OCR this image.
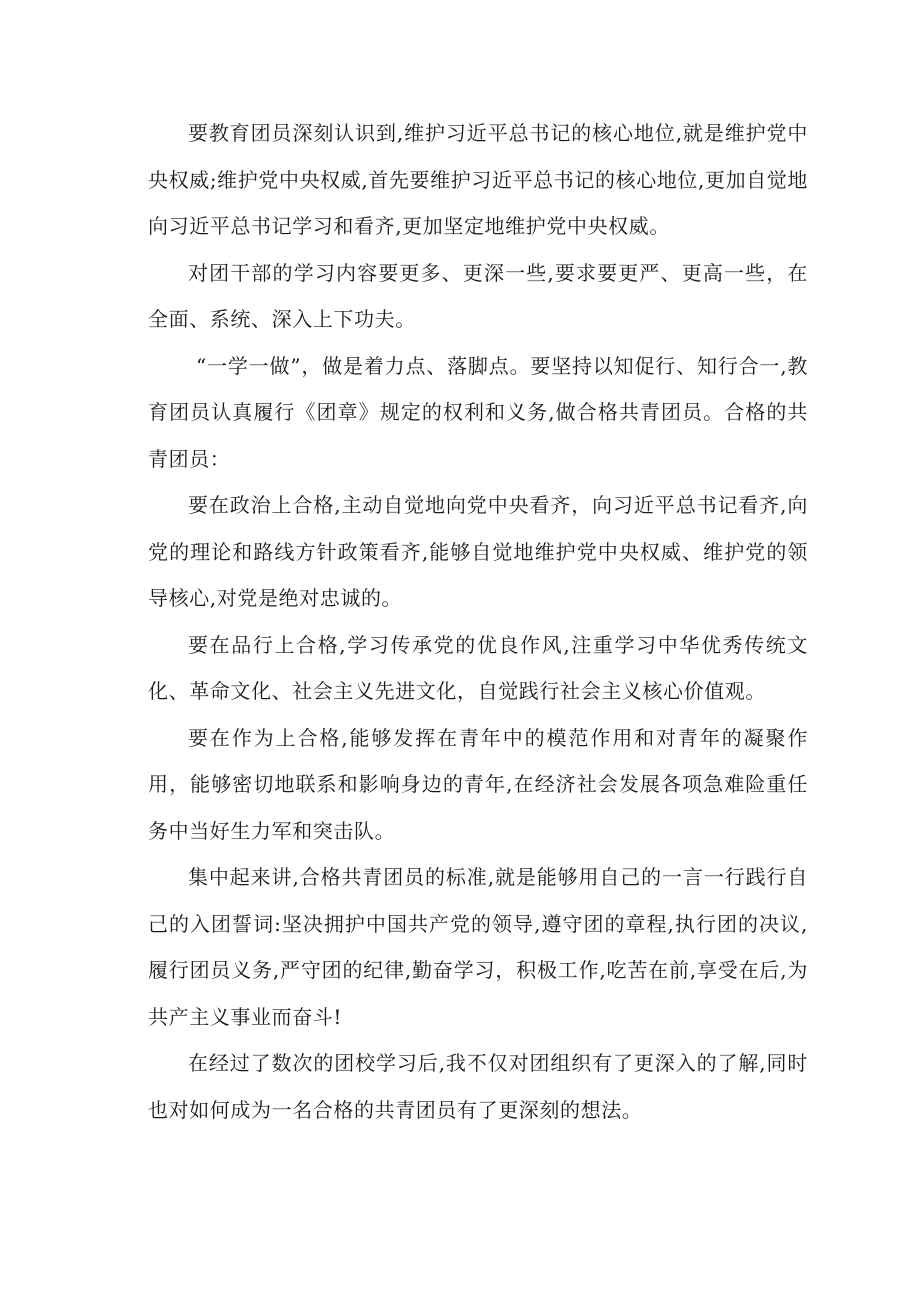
要教育团员深刻认识到,维护习近平总书记的核心地位,就是维护党中央权威;维护党中央权威,首先要维护习近平总书记的核心地位,更加自觉地向习近平总书记学习和看齐,更加坚定地维护党中央权威。

对团干部的学习内容要更多、更深一些,要求要更严、更高一些，在全面、系统、深入上下功夫。

“一学一做”，做是着力点、落脚点。要坚持以知促行、知行合一,教育团员认真履行《团章》规定的权利和义务,做合格共青团员。合格的共青团员：

要在政治上合格,主动自觉地向党中央看齐，向习近平总书记看齐,向党的理论和路线方针政策看齐,能够自觉地维护党中央权威、维护党的领导核心,对党是绝对忠诚的。

要在品行上合格,学习传承党的优良作风,注重学习中华优秀传统文化、革命文化、社会主义先进文化，自觉践行社会主义核心价值观。

要在作为上合格,能够发挥在青年中的模范作用和对青年的凝聚作用，能够密切地联系和影响身边的青年,在经济社会发展各项急难险重任务中当好生力军和突击队。

集中起来讲,合格共青团员的标准,就是能够用自己的一言一行践行自己的入团誓词:坚决拥护中国共产党的领导,遵守团的章程,执行团的决议,履行团员义务,严守团的纪律,勤奋学习，积极工作,吃苦在前,享受在后,为共产主义事业而奋斗!

在经过了数次的团校学习后,我不仅对团组织有了更深入的了解,同时也对如何成为一名合格的共青团员有了更深刻的想法。
